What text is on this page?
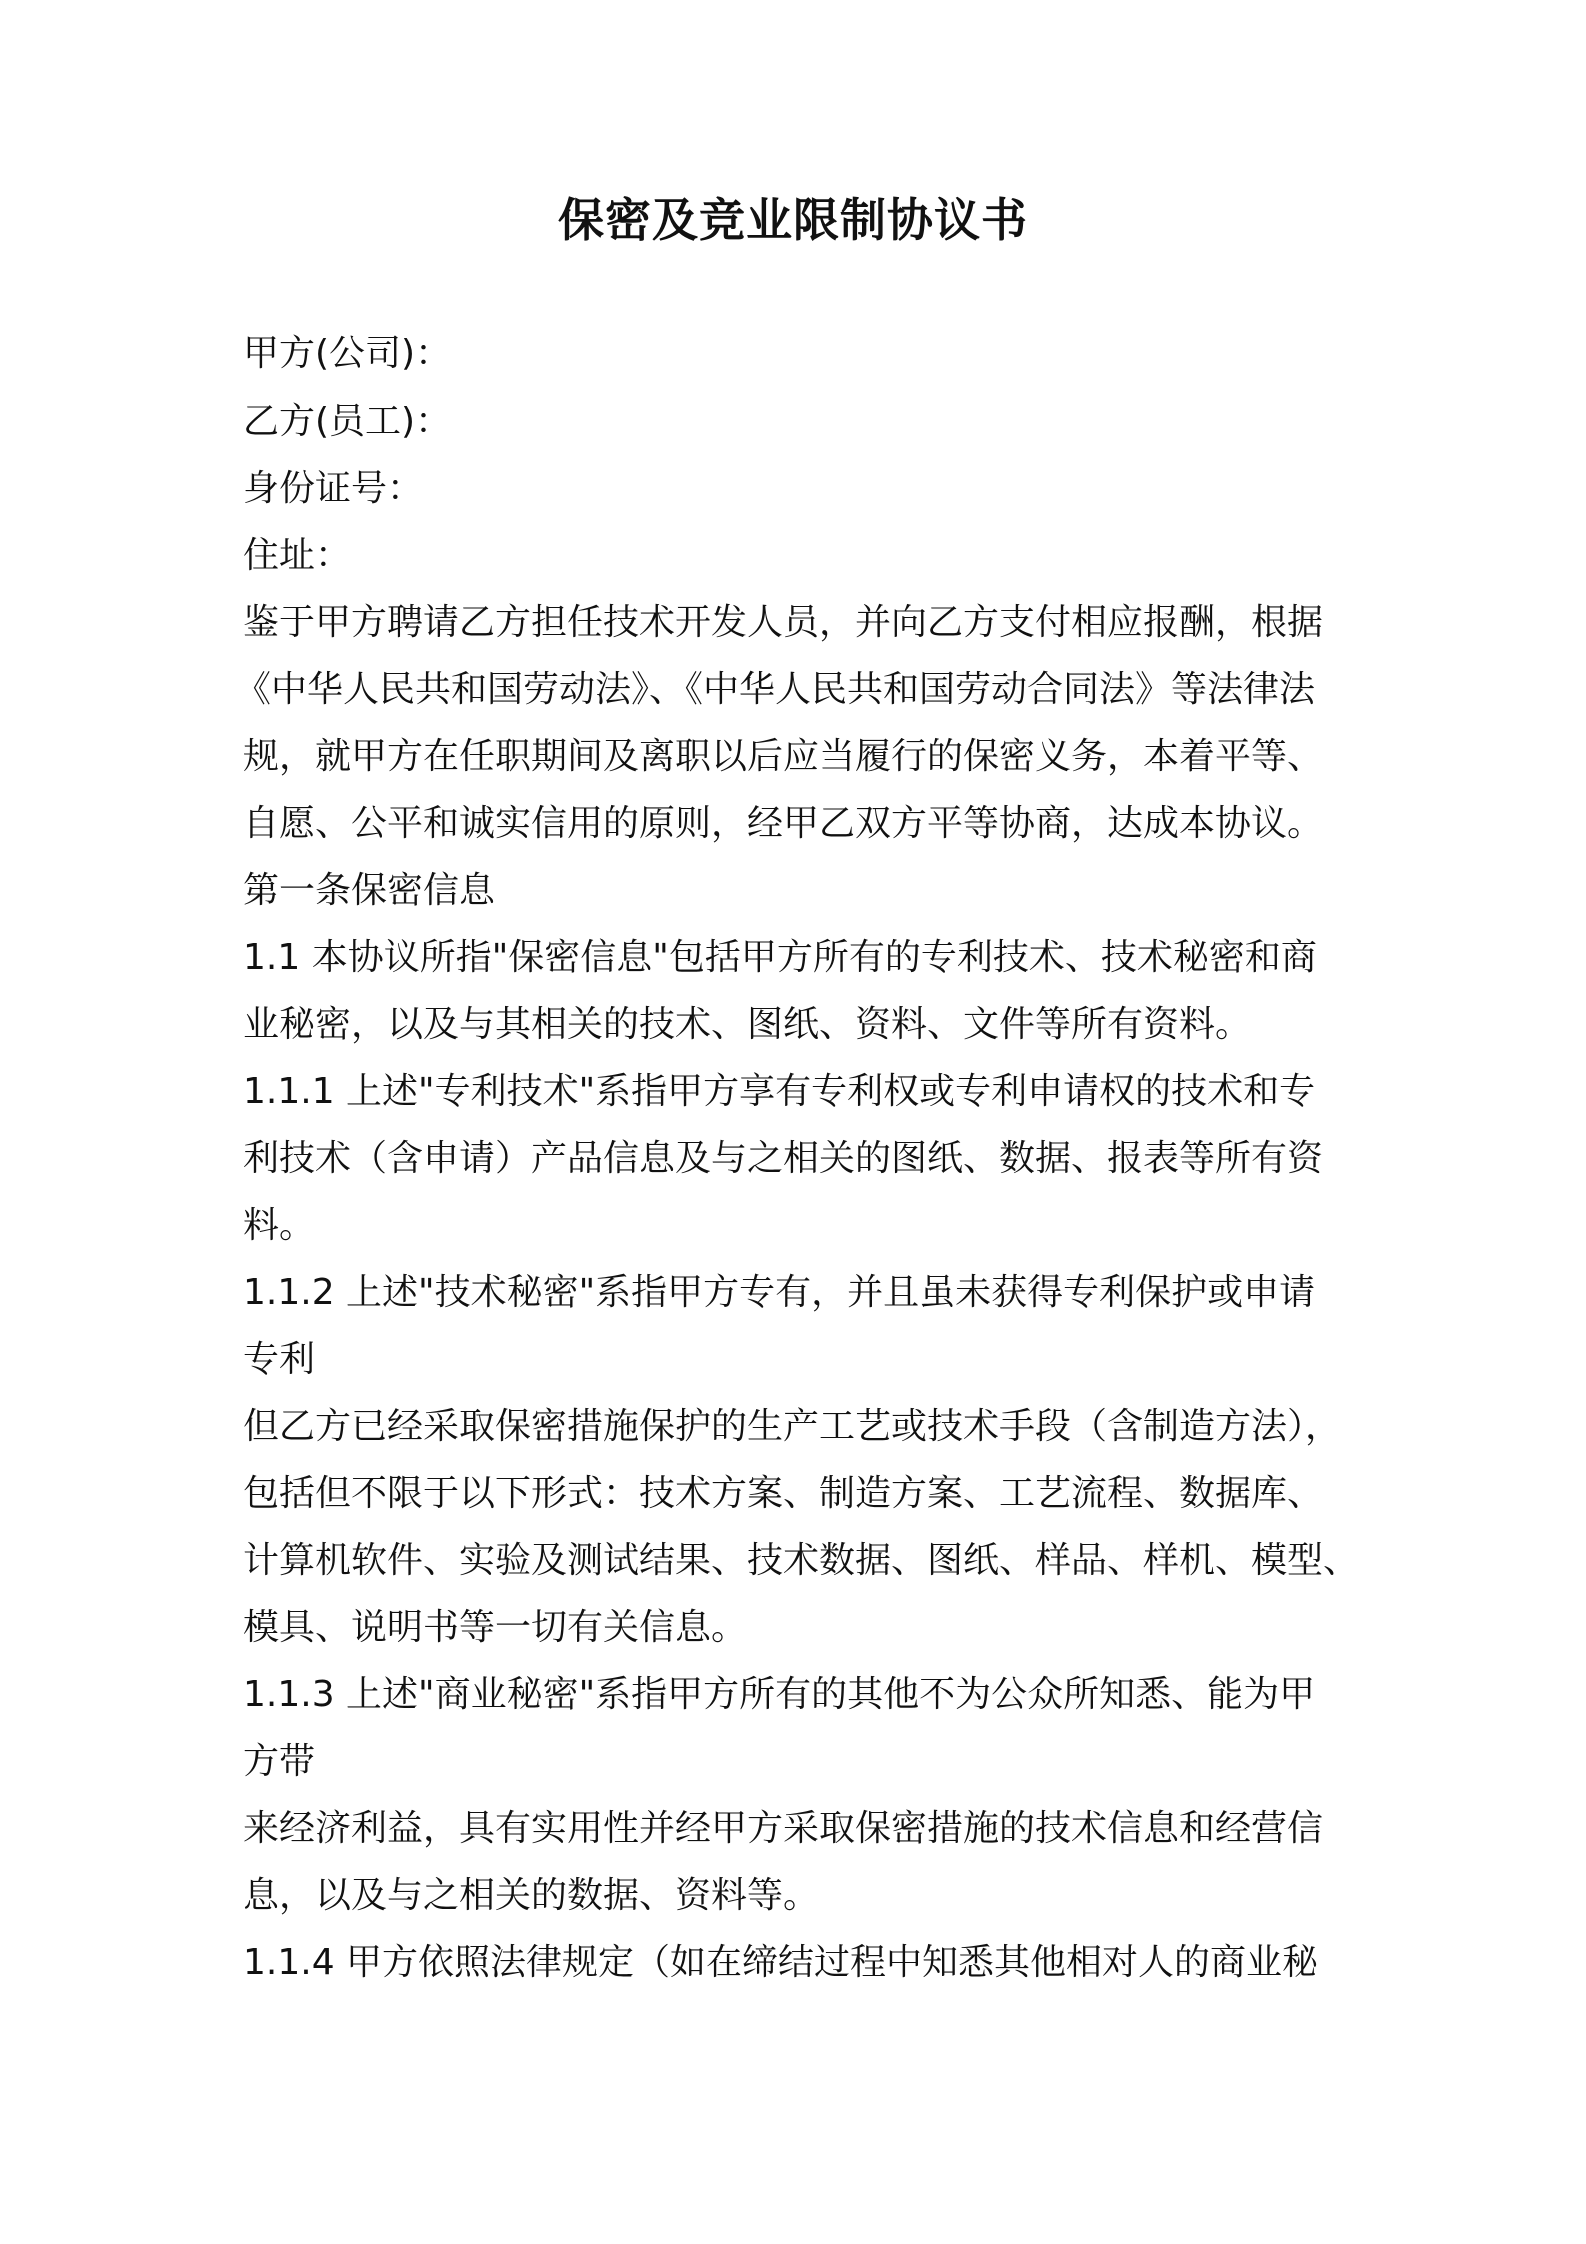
保密及竞业限制协议书
甲方(公司)：
乙方(员工)：
身份证号：
住址：
鉴于甲方聘请乙方担任技术开发人员，并向乙方支付相应报酬，根据
《中华人民共和国劳动法》、《中华人民共和国劳动合同法》等法律法
规，就甲方在任职期间及离职以后应当履行的保密义务，本着平等、
自愿、公平和诚实信用的原则，经甲乙双方平等协商，达成本协议。
第一条保密信息
1.1 本协议所指"保密信息"包括甲方所有的专利技术、技术秘密和商
业秘密，以及与其相关的技术、图纸、资料、文件等所有资料。
1.1.1 上述"专利技术"系指甲方享有专利权或专利申请权的技术和专
利技术（含申请）产品信息及与之相关的图纸、数据、报表等所有资
料。
1.1.2 上述"技术秘密"系指甲方专有，并且虽未获得专利保护或申请
专利
但乙方已经采取保密措施保护的生产工艺或技术手段（含制造方法），
包括但不限于以下形式：技术方案、制造方案、工艺流程、数据库、
计算机软件、实验及测试结果、技术数据、图纸、样品、样机、模型、
模具、说明书等一切有关信息。
1.1.3 上述"商业秘密"系指甲方所有的其他不为公众所知悉、能为甲
方带
来经济利益，具有实用性并经甲方采取保密措施的技术信息和经营信
息，以及与之相关的数据、资料等。
1.1.4 甲方依照法律规定（如在缔结过程中知悉其他相对人的商业秘
